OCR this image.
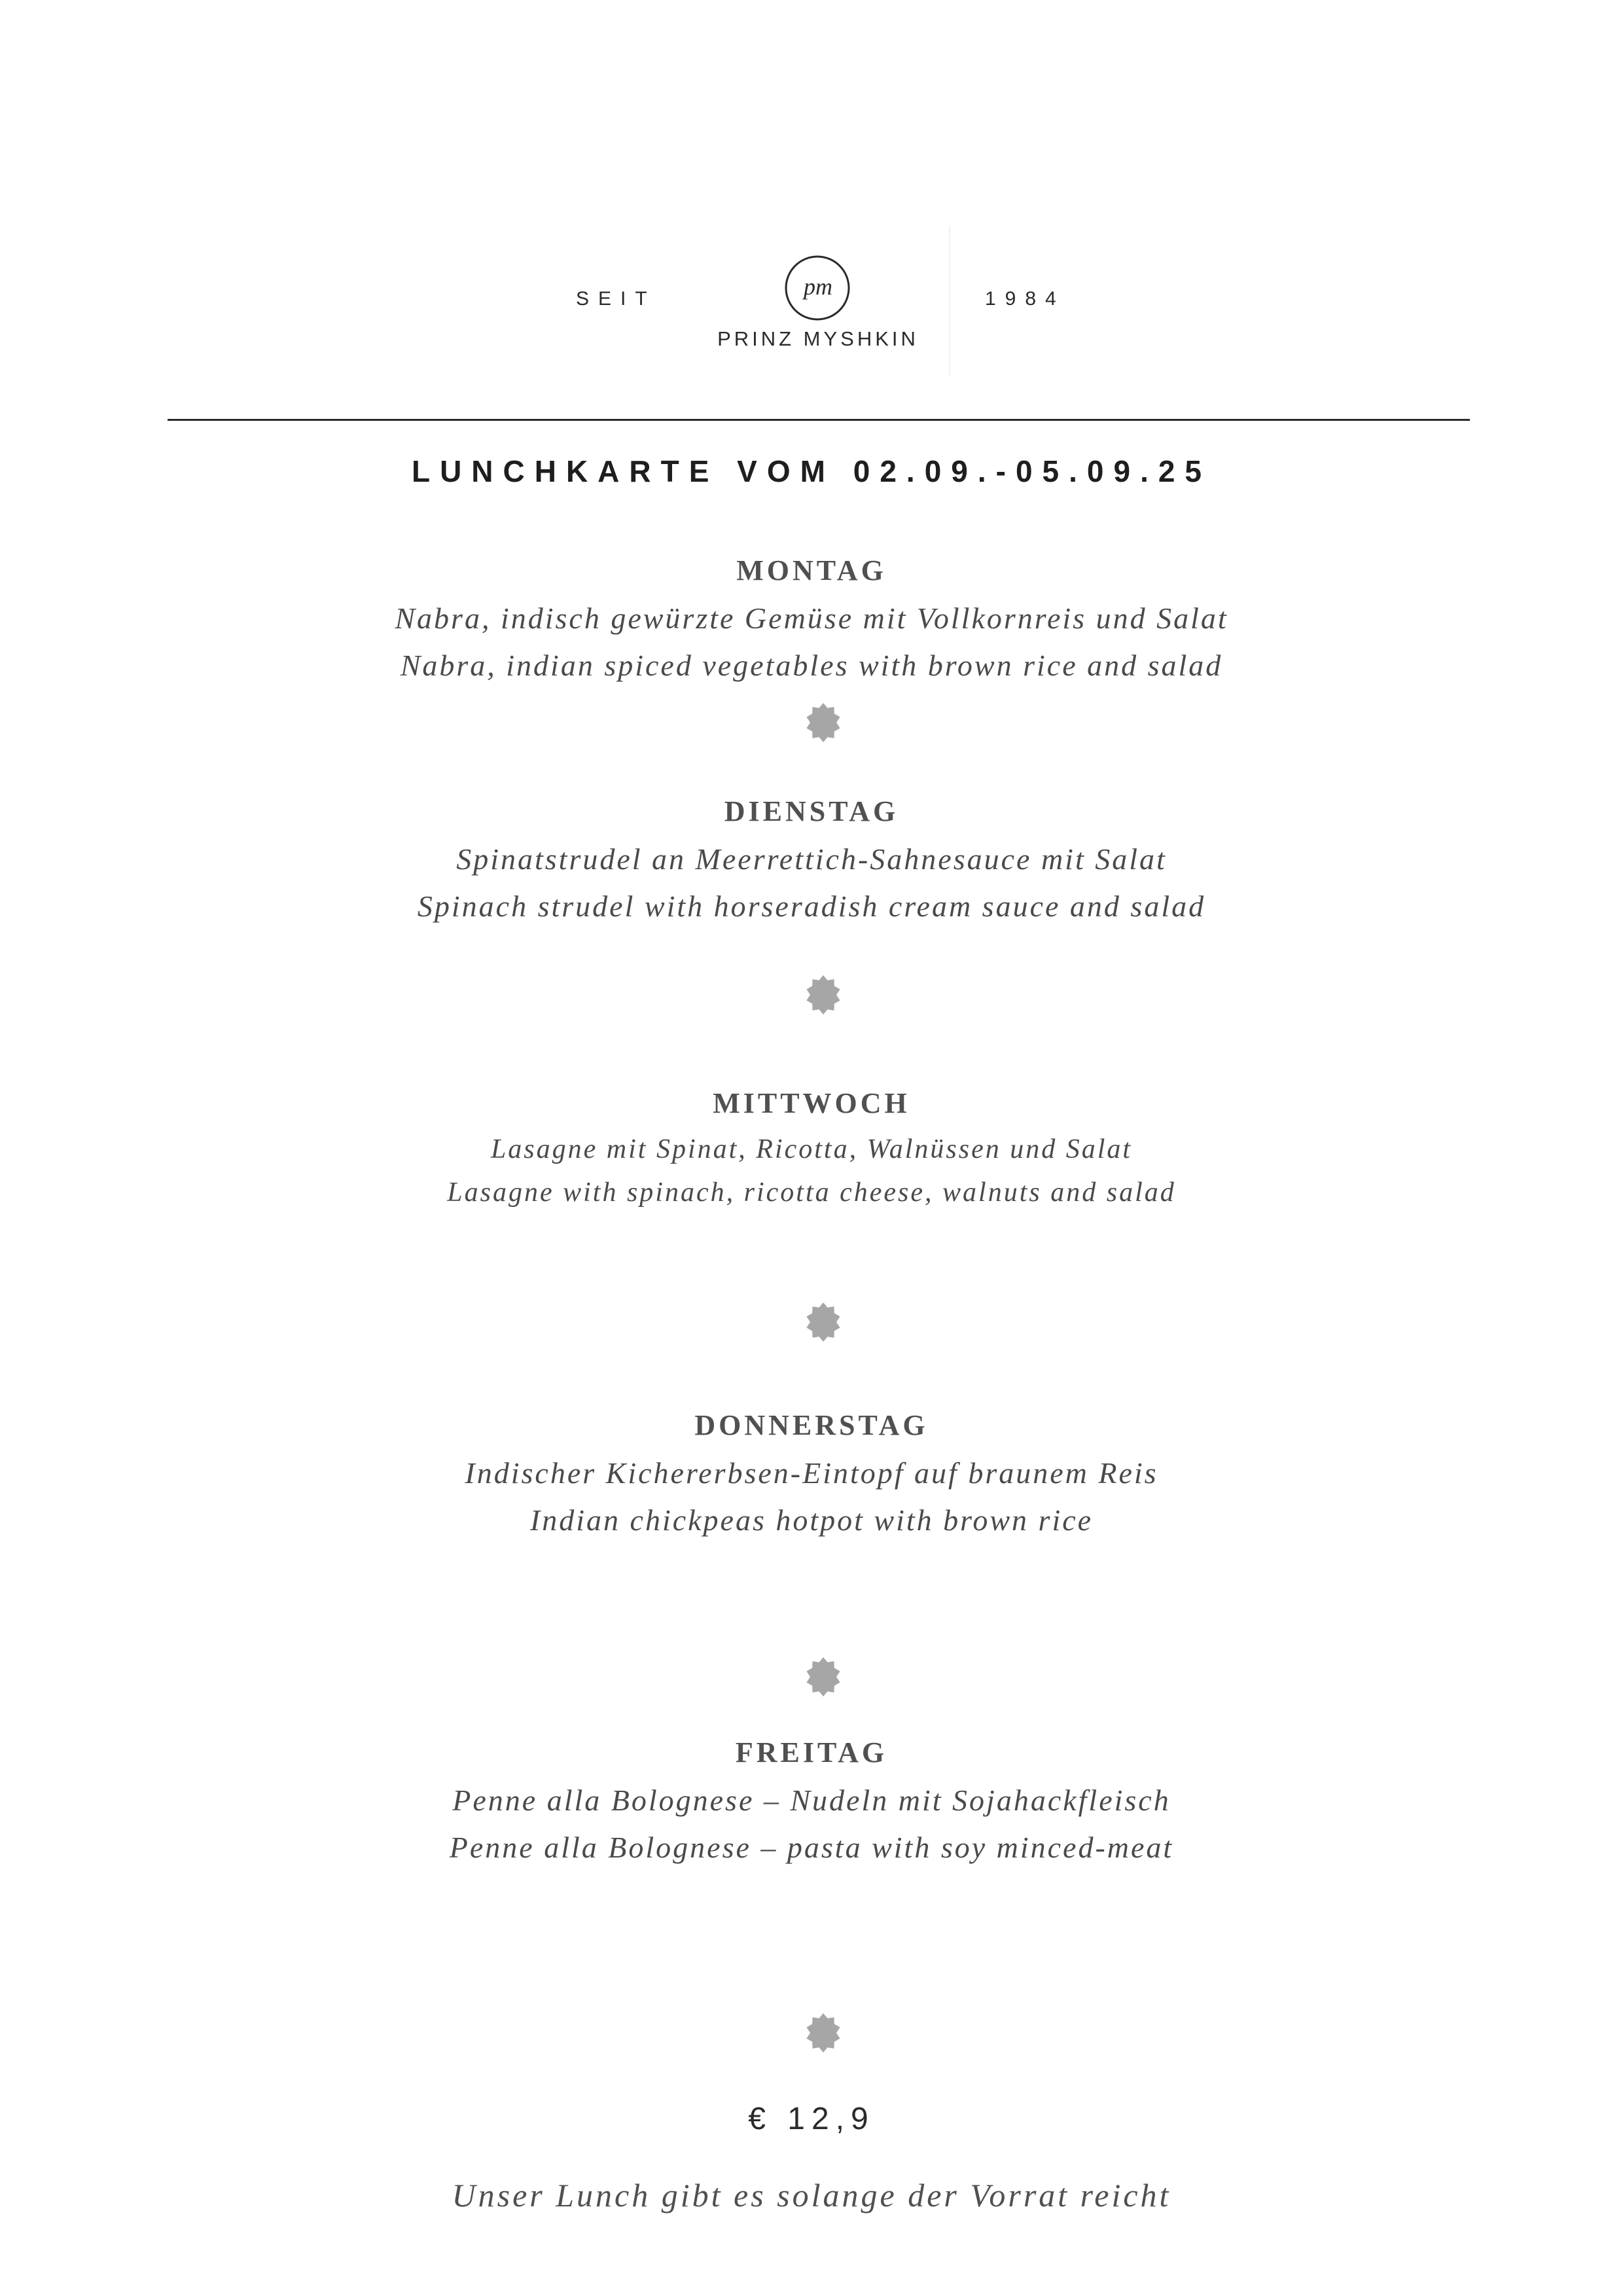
SEIT	pm
PRINZ MYSHKIN
1984
LUNCHKARTE VOM 02.09.-05.09.25
MONTAG
Nabra, indisch gewürzte Gemüse mit Vollkornreis und Salat
Nabra, indian spiced vegetables with brown rice and salad
DIENSTAG
Spinatstrudel an Meerrettich-Sahnesauce mit Salat
Spinach strudel with horseradish cream sauce and salad
MITTWOCH
Lasagne mit Spinat, Ricotta, Walnüssen und Salat
Lasagne with spinach, ricotta cheese, walnuts and salad
DONNERSTAG
Indischer Kichererbsen-Eintopf auf braunem Reis
Indian chickpeas hotpot with brown rice
FREITAG
Penne alla Bolognese – Nudeln mit Sojahackfleisch
Penne alla Bolognese – pasta with soy minced-meat
€ 12,9
Unser Lunch gibt es solange der Vorrat reicht
